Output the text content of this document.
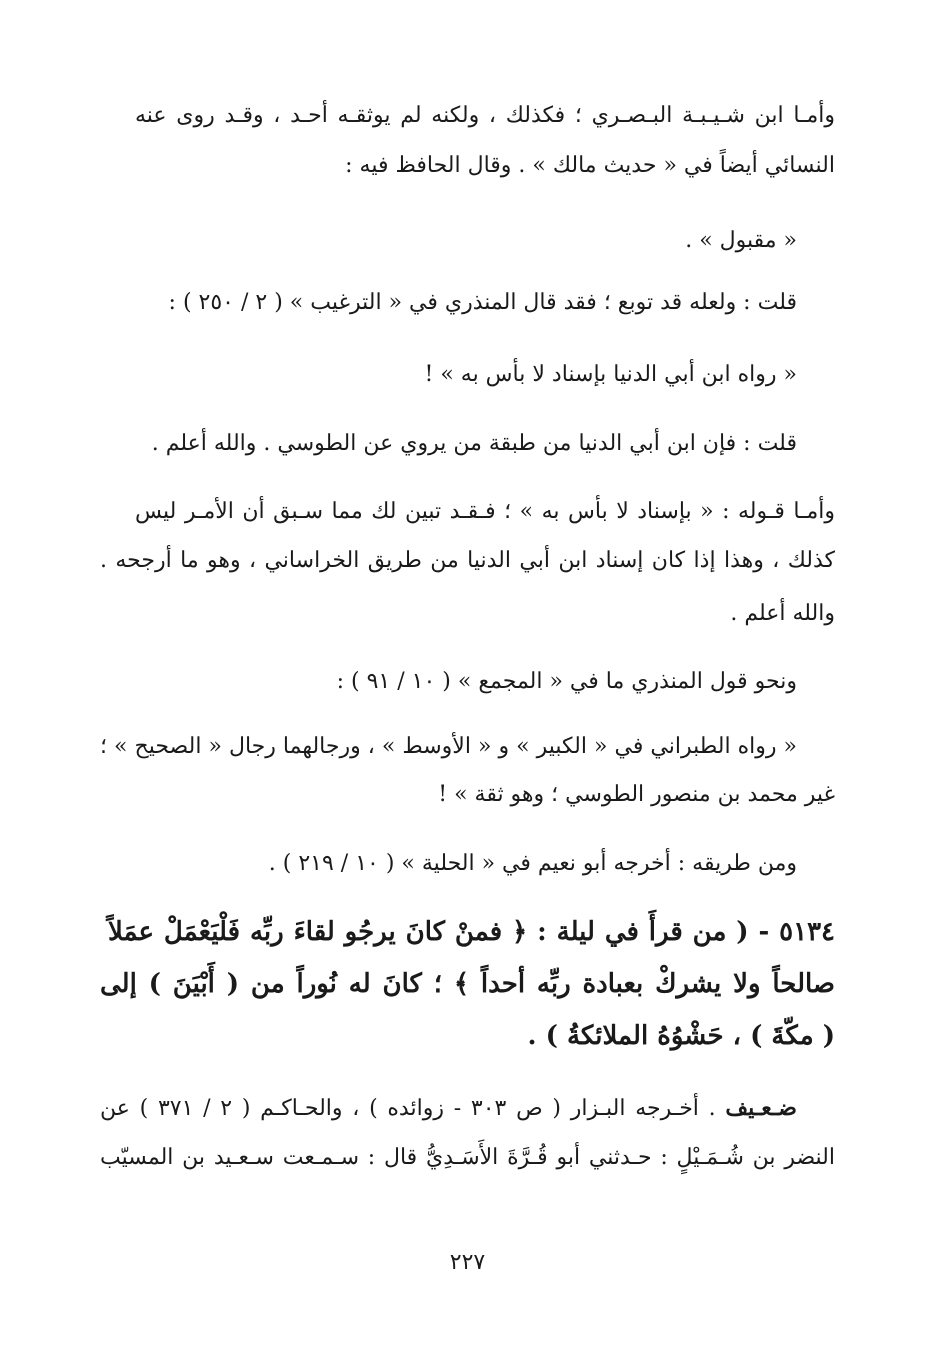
وأمـا ابن شـيـبـة البـصـري ؛ فكذلك ، ولكنه لم يوثقـه أحـد ، وقـد روى عنه
النسائي أيضاً في « حديث مالك » . وقال الحافظ فيه :
« مقبول » .
قلت : ولعله قد توبع ؛ فقد قال المنذري في « الترغيب » ( ٢ / ٢٥٠ ) :
« رواه ابن أبي الدنيا بإسناد لا بأس به » !
قلت : فإن ابن أبي الدنيا من طبقة من يروي عن الطوسي . والله أعلم .
وأمـا قـوله : « بإسناد لا بأس به » ؛ فـقـد تبين لك مما سـبق أن الأمـر ليس
كذلك ، وهذا إذا كان إسناد ابن أبي الدنيا من طريق الخراساني ، وهو ما أرجحه .
والله أعلم .
ونحو قول المنذري ما في « المجمع » ( ١٠ / ٩١ ) :
« رواه الطبراني في « الكبير » و « الأوسط » ، ورجالهما رجال « الصحيح » ؛
غير محمد بن منصور الطوسي ؛ وهو ثقة » !
ومن طريقه : أخرجه أبو نعيم في « الحلية » ( ١٠ / ٢١٩ ) .
٥١٣٤ - ( من قرأَ في ليلة : ﴿ فمنْ كانَ يرجُو لقاءَ ربِّه فَلْيَعْمَلْ عمَلاً
صالحاً ولا يشركْ بعبادة ربِّه أحداً ﴾ ؛ كانَ له نُوراً من ( أَبْيَنَ ) إلى
( مكّةَ ) ، حَشْوُهُ الملائكةُ ) .
ضـعـيف . أخـرجه البـزار ( ص ٣٠٣ - زوائده ) ، والحـاكـم ( ٢ / ٣٧١ ) عن
النضر بن شُـمَـيْلٍ : حـدثني أبو قُـرَّةَ الأَسَـدِيُّ قال : سـمـعت سـعـيد بن المسيّب
٢٢٧
